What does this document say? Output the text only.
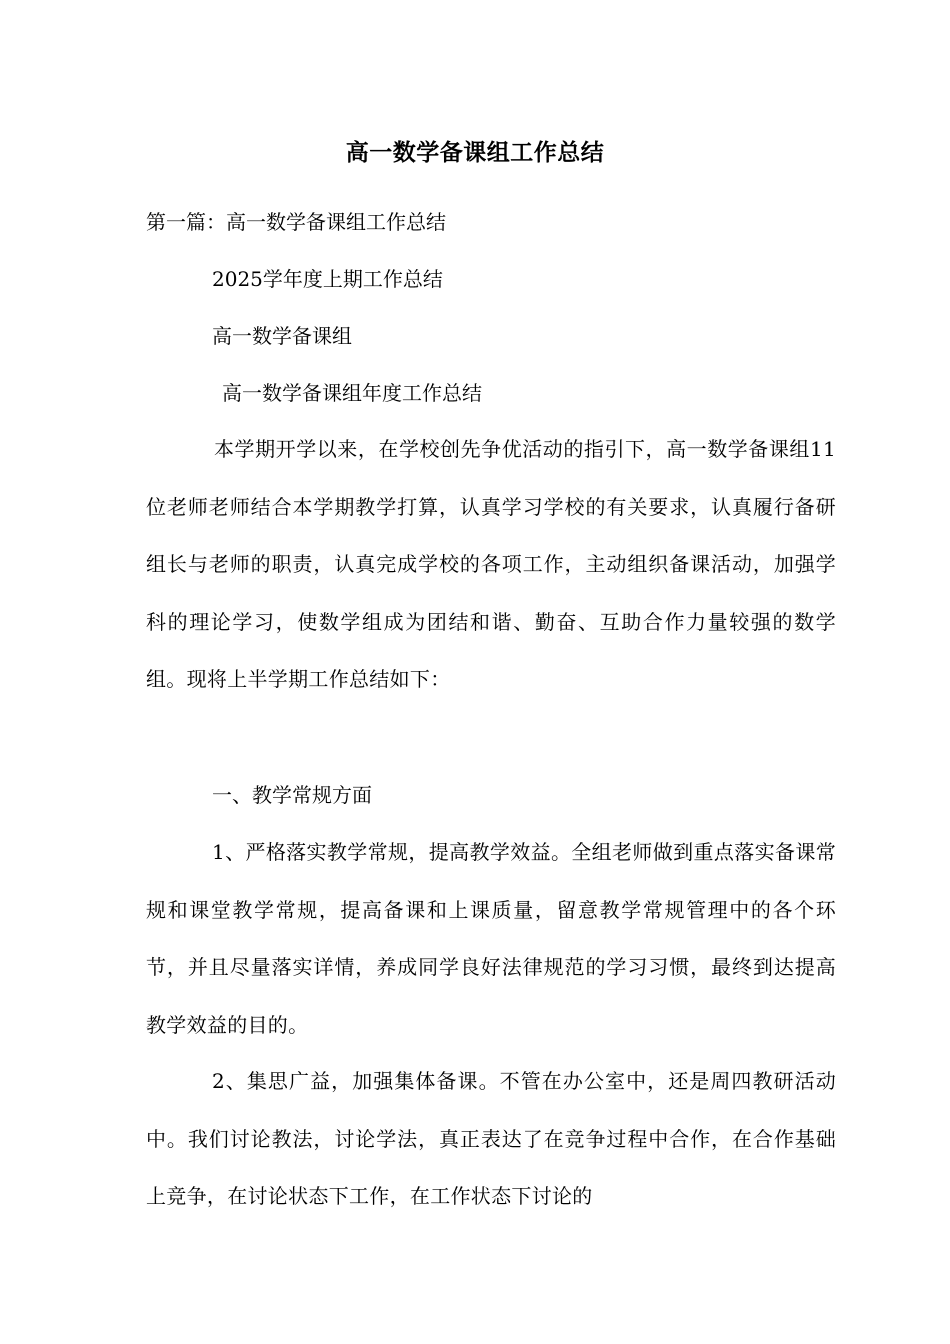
高一数学备课组工作总结
第一篇：高一数学备课组工作总结
2025学年度上期工作总结
高一数学备课组
高一数学备课组年度工作总结
本学期开学以来，在学校创先争优活动的指引下，高一数学备课组11位老师老师结合本学期教学打算，认真学习学校的有关要求，认真履行备研组长与老师的职责，认真完成学校的各项工作，主动组织备课活动，加强学科的理论学习，使数学组成为团结和谐、勤奋、互助合作力量较强的数学组。现将上半学期工作总结如下：
一、教学常规方面
1、严格落实教学常规，提高教学效益。全组老师做到重点落实备课常规和课堂教学常规，提高备课和上课质量，留意教学常规管理中的各个环节，并且尽量落实详情，养成同学良好法律规范的学习习惯，最终到达提高教学效益的目的。
2、集思广益，加强集体备课。不管在办公室中，还是周四教研活动中。我们讨论教法，讨论学法，真正表达了在竞争过程中合作，在合作基础上竞争，在讨论状态下工作，在工作状态下讨论的
